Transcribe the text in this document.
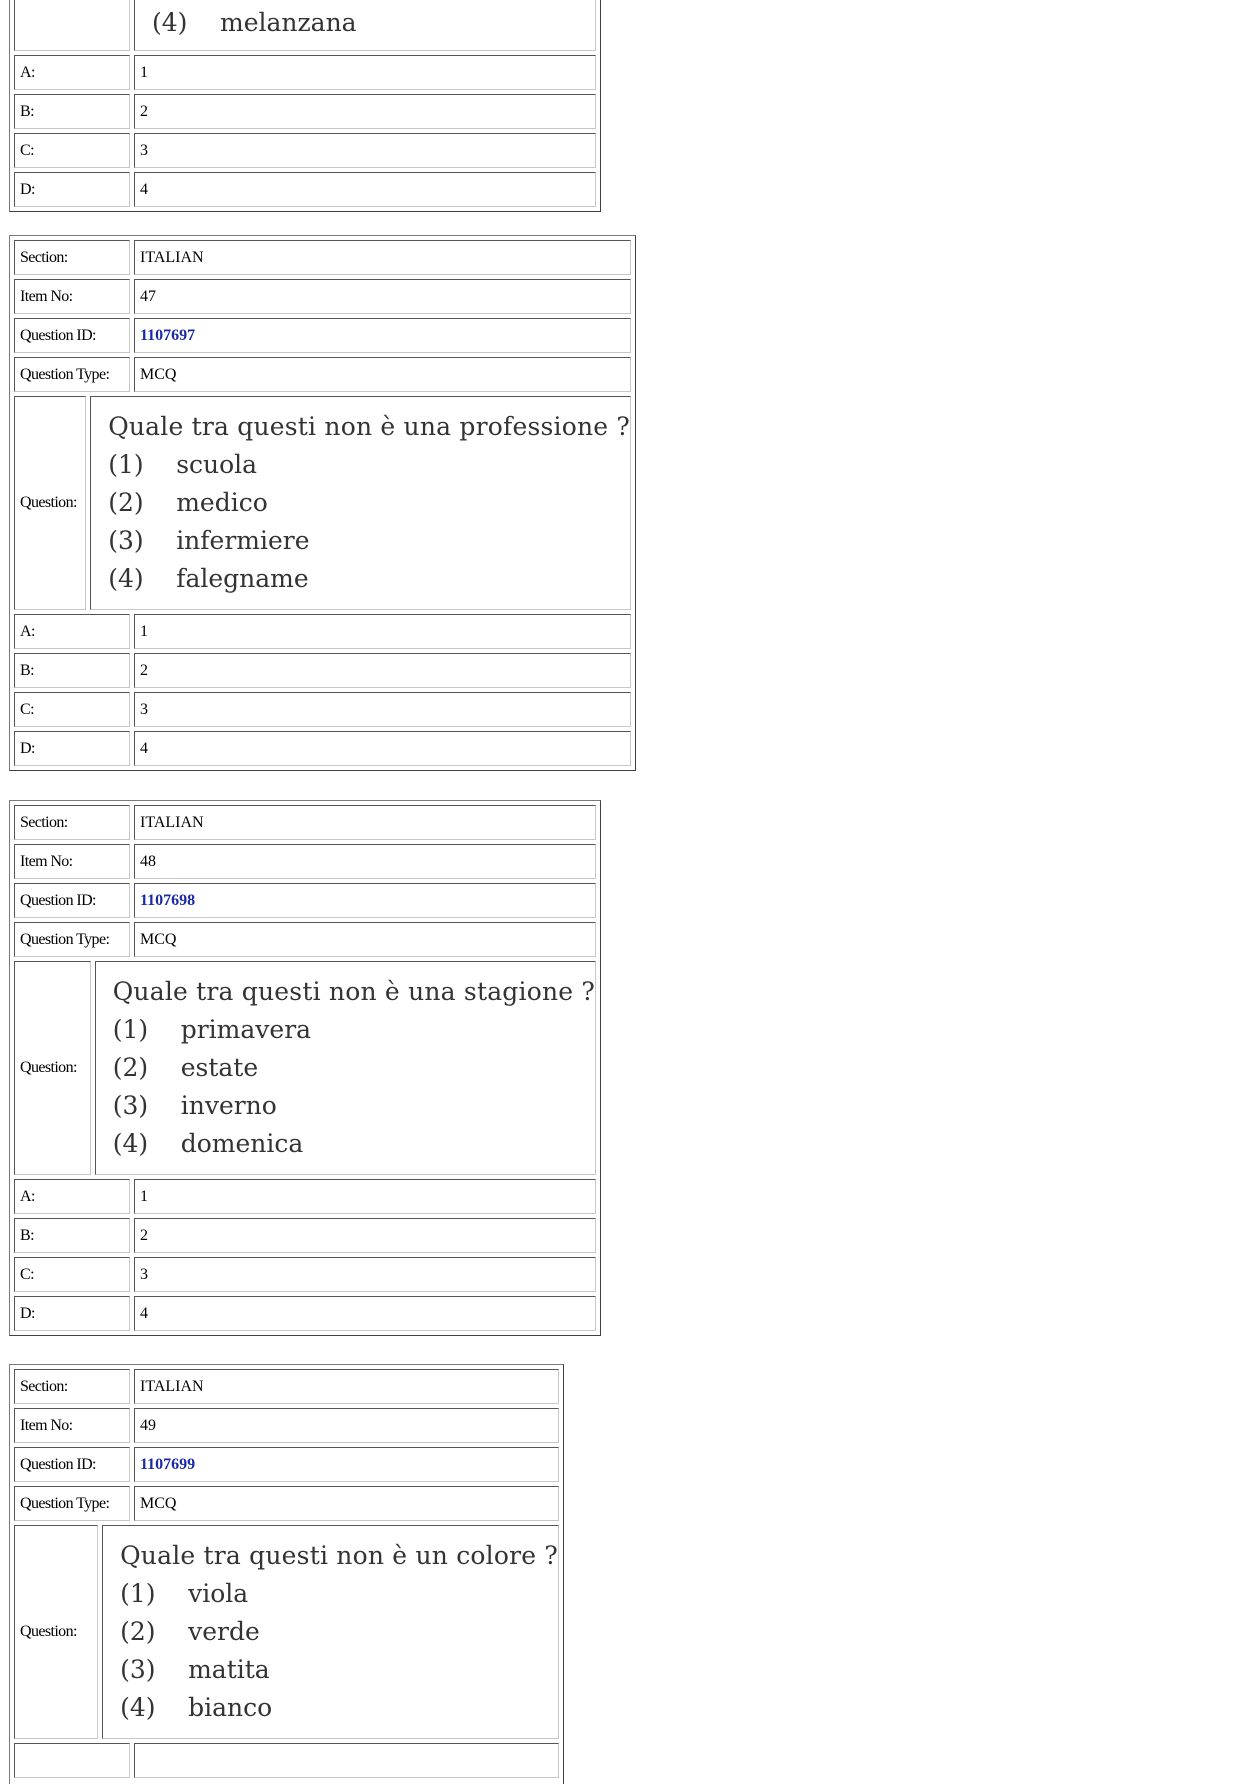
(4)	melanzana
A:	1
B:	2
C:	3
D:	4
Section:	ITALIAN
Item No:	47
Question ID:	1107697
Question Type:	MCQ
Question:
Quale tra questi non è una professione ?
(1)	scuola
(2)	medico
(3)	infermiere
(4)	falegname
A:	1
B:	2
C:	3
D:	4
Section:	ITALIAN
Item No:	48
Question ID:	1107698
Question Type:	MCQ
Question:
Quale tra questi non è una stagione ?
(1)	primavera
(2)	estate
(3)	inverno
(4)	domenica
A:	1
B:	2
C:	3
D:	4
Section:	ITALIAN
Item No:	49
Question ID:	1107699
Question Type:	MCQ
Question:
Quale tra questi non è un colore ?
(1)	viola
(2)	verde
(3)	matita
(4)	bianco
